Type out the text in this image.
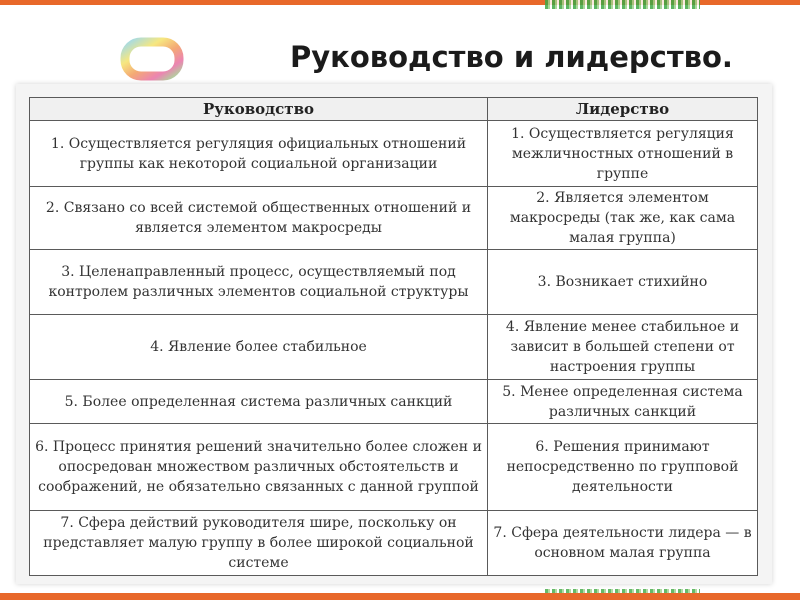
Руководство и лидерство.
Руководство	Лидерство
1. Осуществляется регуляция официальных отношений группы как некоторой социальной организации	1. Осуществляется регуляция межличностных отношений в группе
2. Связано со всей системой общественных отношений и является элементом макросреды	2. Является элементом макросреды (так же, как сама малая группа)
3. Целенаправленный процесс, осуществляемый под контролем различных элементов социальной структуры	3. Возникает стихийно
4. Явление более стабильное	4. Явление менее стабильное и зависит в большей степени от настроения группы
5. Более определенная система различных санкций	5. Менее определенная система различных санкций
6. Процесс принятия решений значительно более сложен и опосредован множеством различных обстоятельств и соображений, не обязательно связанных с данной группой	6. Решения принимают непосредственно по групповой деятельности
7. Сфера действий руководителя шире, поскольку он представляет малую группу в более широкой социальной системе	7. Сфера деятельности лидера — в основном малая группа
